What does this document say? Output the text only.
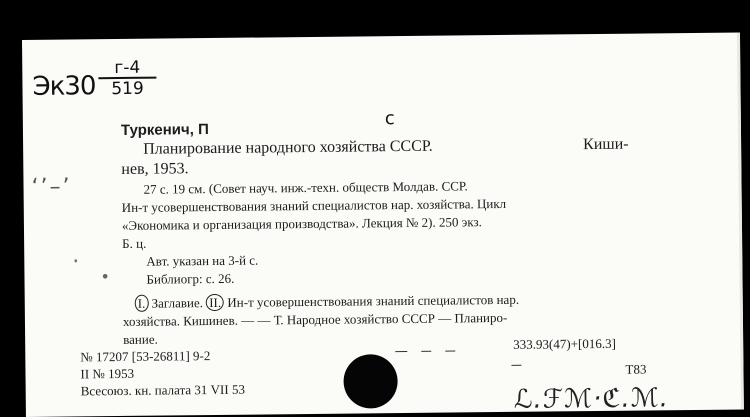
Эк30
г-4
519
с
‘’–’
·
•
Туркенич, П
Планирование народного хозяйства СССР.	Киши-
нев, 1953.
27 с. 19 см. (Совет науч. инж.-техн. обществ Молдав. ССР.
Ин-т усовершенствования знаний специалистов нар. хозяйства. Цикл
«Экономика и организация производства». Лекция № 2). 250 экз.
Б. ц.
Авт. указан на 3-й с.
Библиогр: с. 26.
I. Заглавие. II. Ин-т усовершенствования знаний специалистов нар.
хозяйства. Кишинев. — — Т. Народное хозяйство СССР — Планиро-
вание.
№ 17207 [53-26811] 9-2
II № 1953
Всесоюз. кн. палата 31 VII 53
333.93(47)+[016.3]
Т83
ℒ.ℱℳ·ℭ.ℳ.
